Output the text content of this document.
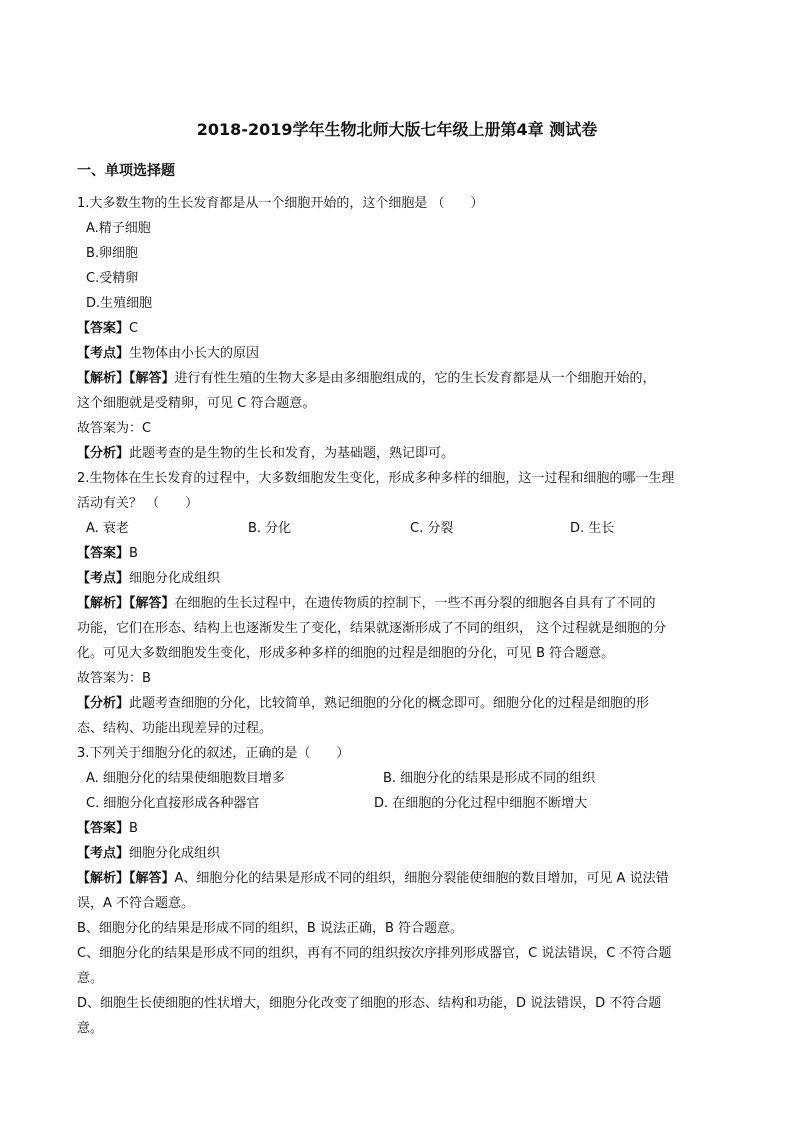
2018-2019学年生物北师大版七年级上册第4章 测试卷
一、单项选择题
1.大多数生物的生长发育都是从一个细胞开始的，这个细胞是 （　　）
A.精子细胞
B.卵细胞
C.受精卵
D.生殖细胞
【答案】C
【考点】生物体由小长大的原因
【解析】【解答】进行有性生殖的生物大多是由多细胞组成的，它的生长发育都是从一个细胞开始的，
这个细胞就是受精卵，可见 C 符合题意。
故答案为：C
【分析】此题考查的是生物的生长和发育，为基础题，熟记即可。
2.生物体在生长发育的过程中，大多数细胞发生变化，形成多种多样的细胞，这一过程和细胞的哪一生理
活动有关？ （　　）
A. 衰老	B. 分化	C. 分裂	D. 生长
【答案】B
【考点】细胞分化成组织
【解析】【解答】在细胞的生长过程中，在遗传物质的控制下，一些不再分裂的细胞各自具有了不同的
功能，它们在形态、结构上也逐渐发生了变化，结果就逐渐形成了不同的组织， 这个过程就是细胞的分
化。可见大多数细胞发生变化，形成多种多样的细胞的过程是细胞的分化，可见 B 符合题意。
故答案为：B
【分析】此题考查细胞的分化，比较简单，熟记细胞的分化的概念即可。细胞分化的过程是细胞的形
态、结构、功能出现差异的过程。
3.下列关于细胞分化的叙述，正确的是（　　）
A. 细胞分化的结果使细胞数目增多	B. 细胞分化的结果是形成不同的组织
C. 细胞分化直接形成各种器官	D. 在细胞的分化过程中细胞不断增大
【答案】B
【考点】细胞分化成组织
【解析】【解答】A、细胞分化的结果是形成不同的组织，细胞分裂能使细胞的数目增加，可见 A 说法错
误，A 不符合题意。
B、细胞分化的结果是形成不同的组织，B 说法正确，B 符合题意。
C、细胞分化的结果是形成不同的组织，再有不同的组织按次序排列形成器官，C 说法错误，C 不符合题
意。
D、细胞生长使细胞的性状增大，细胞分化改变了细胞的形态、结构和功能，D 说法错误，D 不符合题
意。
